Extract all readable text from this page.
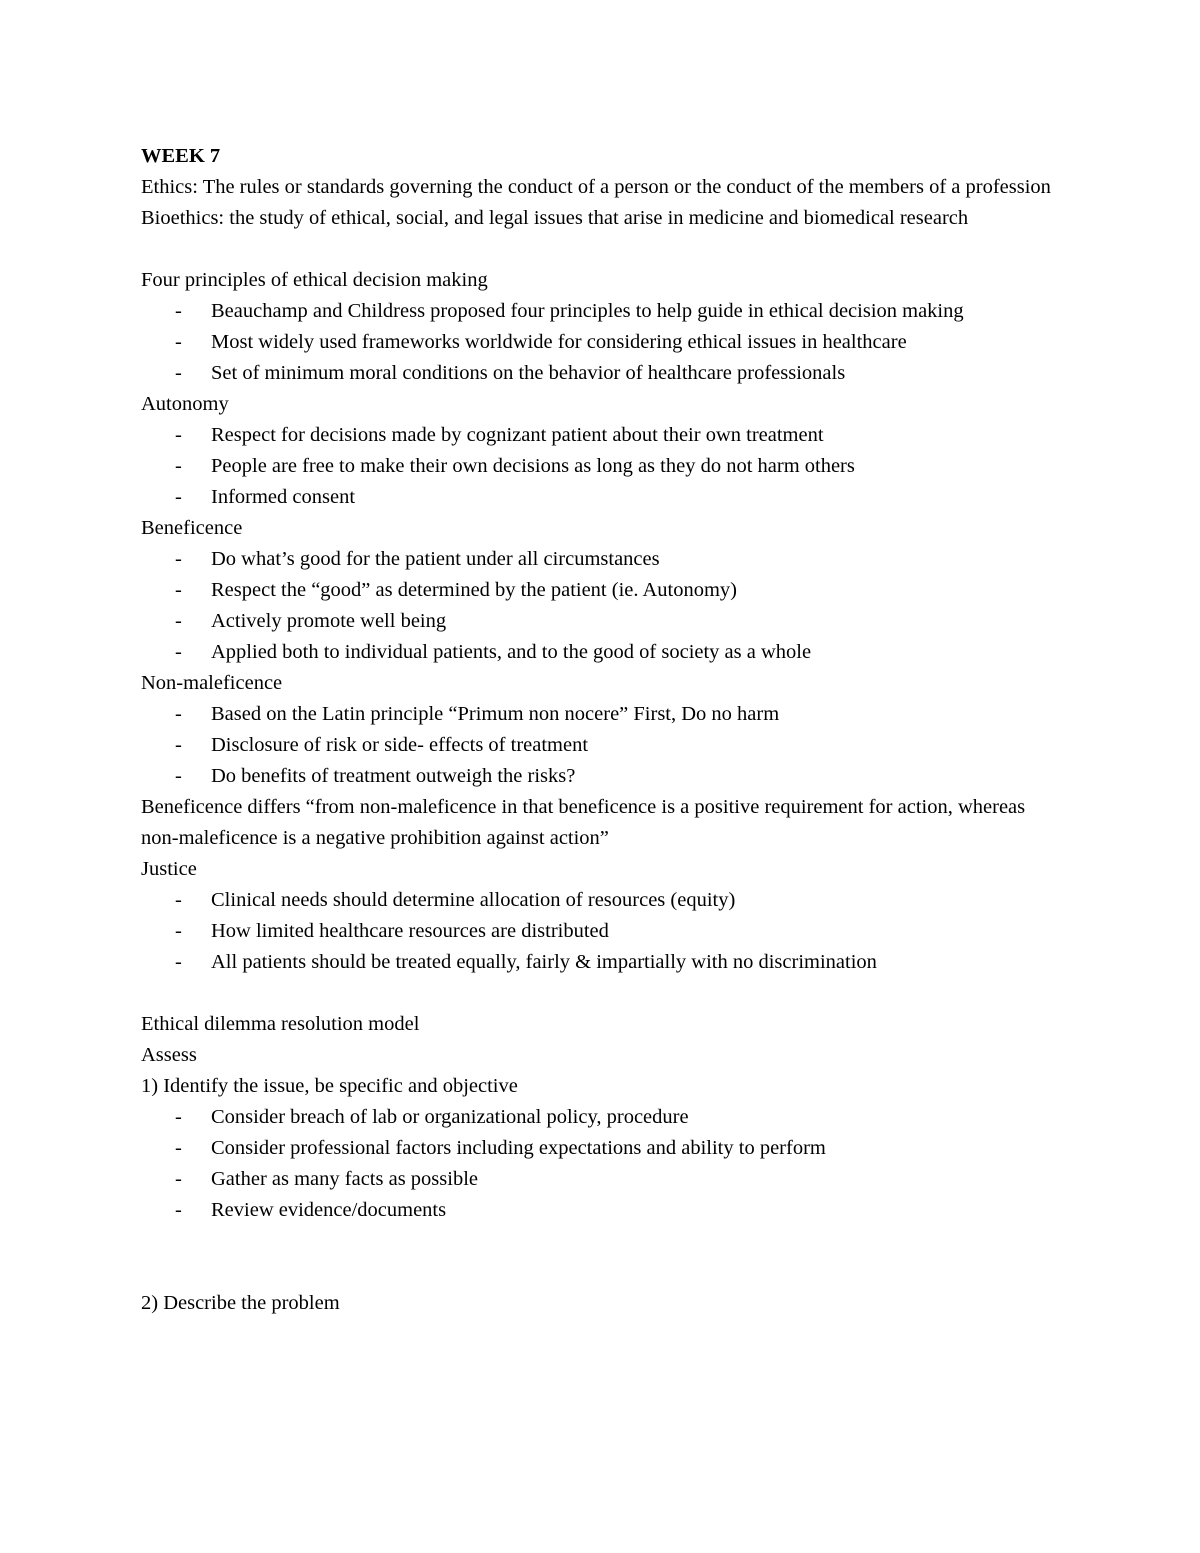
WEEK 7

Ethics: The rules or standards governing the conduct of a person or the conduct of the members of a profession

Bioethics: the study of ethical, social, and legal issues that arise in medicine and biomedical research

Four principles of ethical decision making

- Beauchamp and Childress proposed four principles to help guide in ethical decision making
- Most widely used frameworks worldwide for considering ethical issues in healthcare
- Set of minimum moral conditions on the behavior of healthcare professionals

Autonomy

- Respect for decisions made by cognizant patient about their own treatment
- People are free to make their own decisions as long as they do not harm others
- Informed consent

Beneficence

- Do what’s good for the patient under all circumstances
- Respect the “good” as determined by the patient (ie. Autonomy)
- Actively promote well being
- Applied both to individual patients, and to the good of society as a whole

Non-maleficence

- Based on the Latin principle “Primum non nocere” First, Do no harm
- Disclosure of risk or side- effects of treatment
- Do benefits of treatment outweigh the risks?

Beneficence differs “from non-maleficence in that beneficence is a positive requirement for action, whereas non-maleficence is a negative prohibition against action”

Justice

- Clinical needs should determine allocation of resources (equity)
- How limited healthcare resources are distributed
- All patients should be treated equally, fairly & impartially with no discrimination

Ethical dilemma resolution model

Assess

1) Identify the issue, be specific and objective

- Consider breach of lab or organizational policy, procedure
- Consider professional factors including expectations and ability to perform
- Gather as many facts as possible
- Review evidence/documents

2) Describe the problem
